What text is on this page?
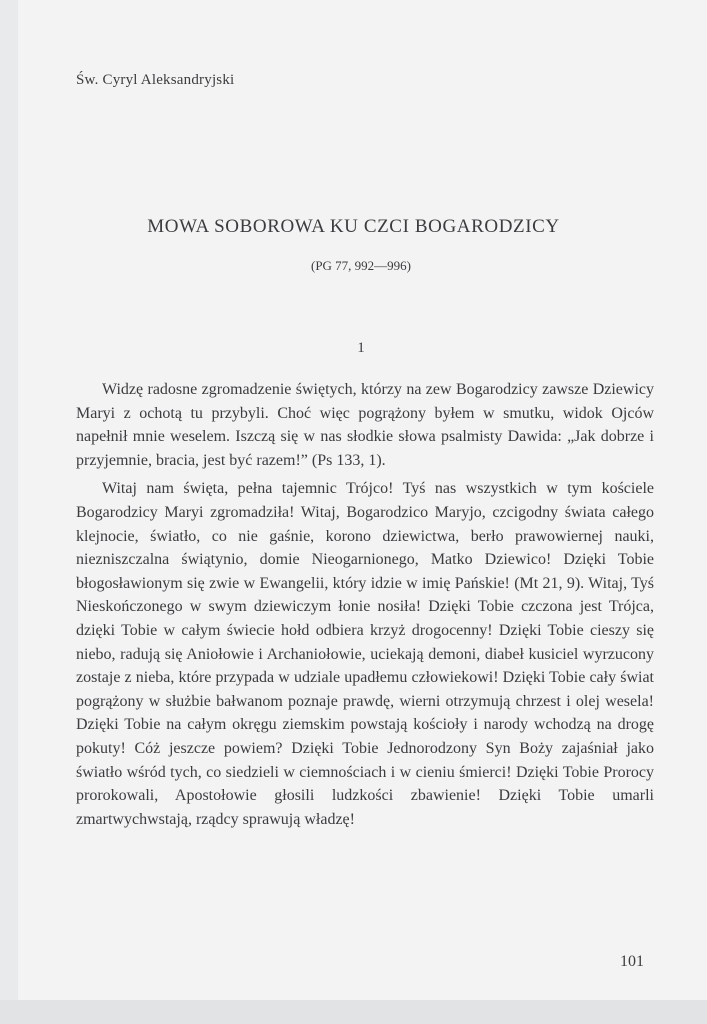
Św. Cyryl Aleksandryjski

MOWA SOBOROWA KU CZCI BOGARODZICY

(PG 77, 992—996)

1

Widzę radosne zgromadzenie świętych, którzy na zew Bogarodzicy zawsze Dziewicy Maryi z ochotą tu przybyli. Choć więc pogrążony byłem w smutku, widok Ojców napełnił mnie weselem. Iszczą się w nas słodkie słowa psalmisty Dawida: „Jak dobrze i przyjemnie, bracia, jest być razem!” (Ps 133, 1).

Witaj nam święta, pełna tajemnic Trójco! Tyś nas wszystkich w tym kościele Bogarodzicy Maryi zgromadziła! Witaj, Bogarodzico Maryjo, czcigodny świata całego klejnocie, światło, co nie gaśnie, korono dziewictwa, berło prawowiernej nauki, niezniszczalna świątynio, domie Nieogarnionego, Matko Dziewico! Dzięki Tobie błogosławionym się zwie w Ewangelii, który idzie w imię Pańskie! (Mt 21, 9). Witaj, Tyś Nieskończonego w swym dziewiczym łonie nosiła! Dzięki Tobie czczona jest Trójca, dzięki Tobie w całym świecie hołd odbiera krzyż drogocenny! Dzięki Tobie cieszy się niebo, radują się Aniołowie i Archaniołowie, uciekają demoni, diabeł kusiciel wyrzucony zostaje z nieba, które przypada w udziale upadłemu człowiekowi! Dzięki Tobie cały świat pogrążony w służbie bałwanom poznaje prawdę, wierni otrzymują chrzest i olej wesela! Dzięki Tobie na całym okręgu ziemskim powstają kościoły i narody wchodzą na drogę pokuty! Cóż jeszcze powiem? Dzięki Tobie Jednorodzony Syn Boży zajaśniał jako światło wśród tych, co siedzieli w ciemnościach i w cieniu śmierci! Dzięki Tobie Prorocy prorokowali, Apostołowie głosili ludzkości zbawienie! Dzięki Tobie umarli zmartwychwstają, rządcy sprawują władzę!

101
